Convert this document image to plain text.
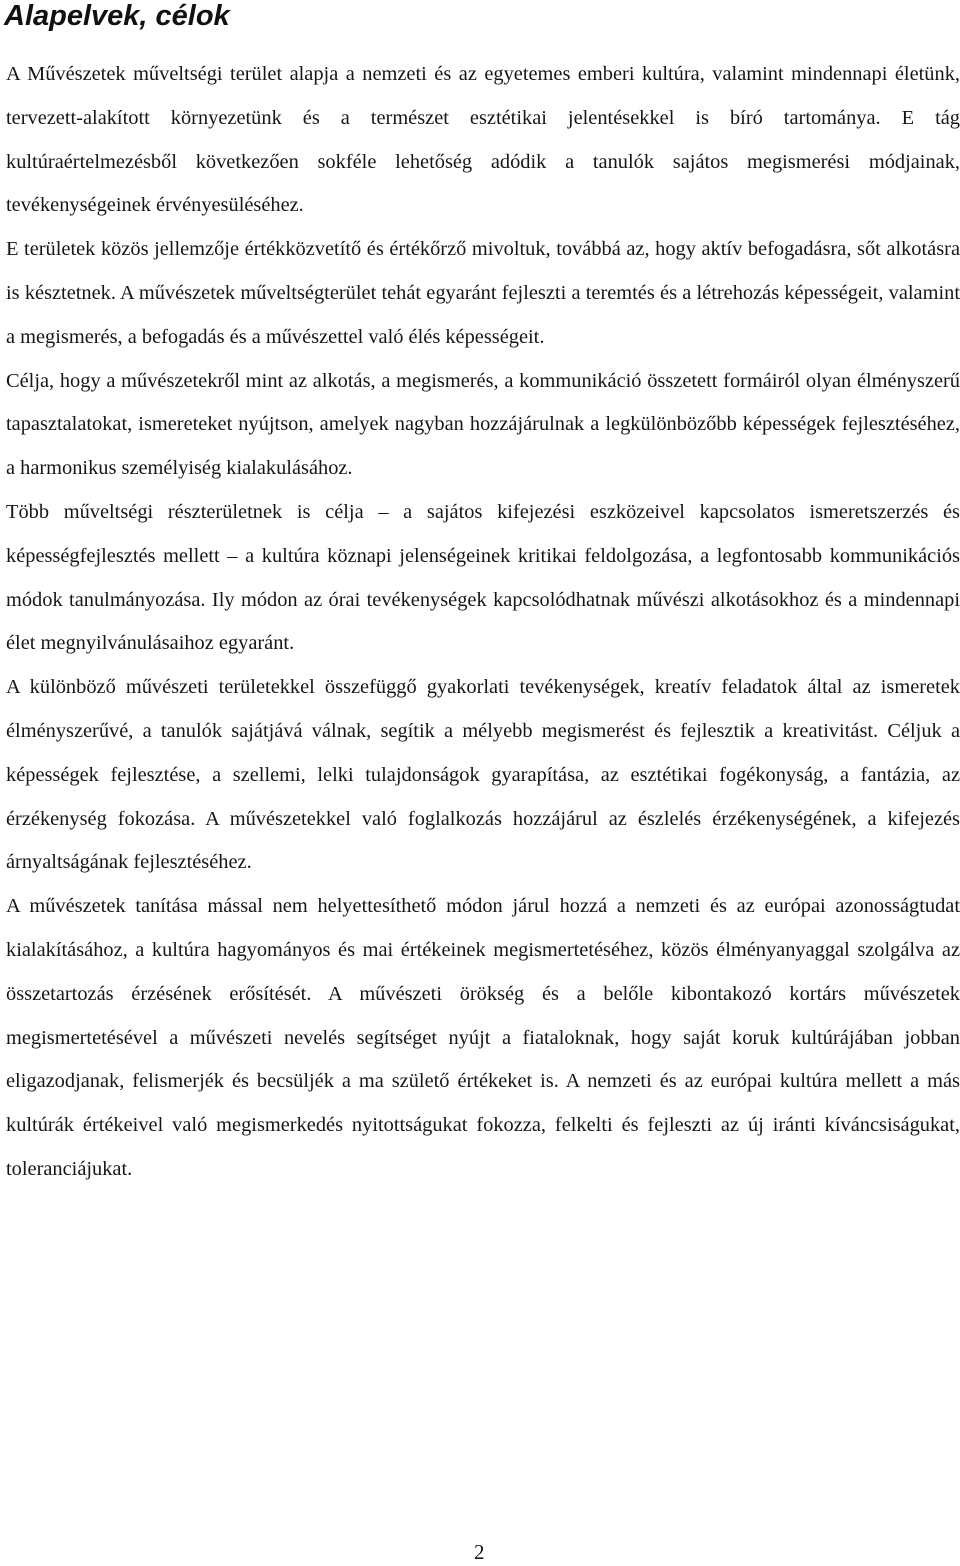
Alapelvek, célok

A Művészetek műveltségi terület alapja a nemzeti és az egyetemes emberi kultúra, valamint mindennapi életünk, tervezett-alakított környezetünk és a természet esztétikai jelentésekkel is bíró tartománya. E tág kultúraértelmezésből következően sokféle lehetőség adódik a tanulók sajátos megismerési módjainak, tevékenységeinek érvényesüléséhez.

E területek közös jellemzője értékközvetítő és értékőrző mivoltuk, továbbá az, hogy aktív befogadásra, sőt alkotásra is késztetnek. A művészetek műveltségterület tehát egyaránt fejleszti a teremtés és a létrehozás képességeit, valamint a megismerés, a befogadás és a művészettel való élés képességeit.

Célja, hogy a művészetekről mint az alkotás, a megismerés, a kommunikáció összetett formáiról olyan élményszerű tapasztalatokat, ismereteket nyújtson, amelyek nagyban hozzájárulnak a legkülönbözőbb képességek fejlesztéséhez, a harmonikus személyiség kialakulásához.

Több műveltségi részterületnek is célja – a sajátos kifejezési eszközeivel kapcsolatos ismeretszerzés és képességfejlesztés mellett – a kultúra köznapi jelenségeinek kritikai feldolgozása, a legfontosabb kommunikációs módok tanulmányozása. Ily módon az órai tevékenységek kapcsolódhatnak művészi alkotásokhoz és a mindennapi élet megnyilvánulásaihoz egyaránt.

A különböző művészeti területekkel összefüggő gyakorlati tevékenységek, kreatív feladatok által az ismeretek élményszerűvé, a tanulók sajátjává válnak, segítik a mélyebb megismerést és fejlesztik a kreativitást. Céljuk a képességek fejlesztése, a szellemi, lelki tulajdonságok gyarapítása, az esztétikai fogékonyság, a fantázia, az érzékenység fokozása. A művészetekkel való foglalkozás hozzájárul az észlelés érzékenységének, a kifejezés árnyaltságának fejlesztéséhez.

A művészetek tanítása mással nem helyettesíthető módon járul hozzá a nemzeti és az európai azonosságtudat kialakításához, a kultúra hagyományos és mai értékeinek megismertetéséhez, közös élményanyaggal szolgálva az összetartozás érzésének erősítését. A művészeti örökség és a belőle kibontakozó kortárs művészetek megismertetésével a művészeti nevelés segítséget nyújt a fiataloknak, hogy saját koruk kultúrájában jobban eligazodjanak, felismerjék és becsüljék a ma születő értékeket is. A nemzeti és az európai kultúra mellett a más kultúrák értékeivel való megismerkedés nyitottságukat fokozza, felkelti és fejleszti az új iránti kíváncsiságukat, toleranciájukat.

2
